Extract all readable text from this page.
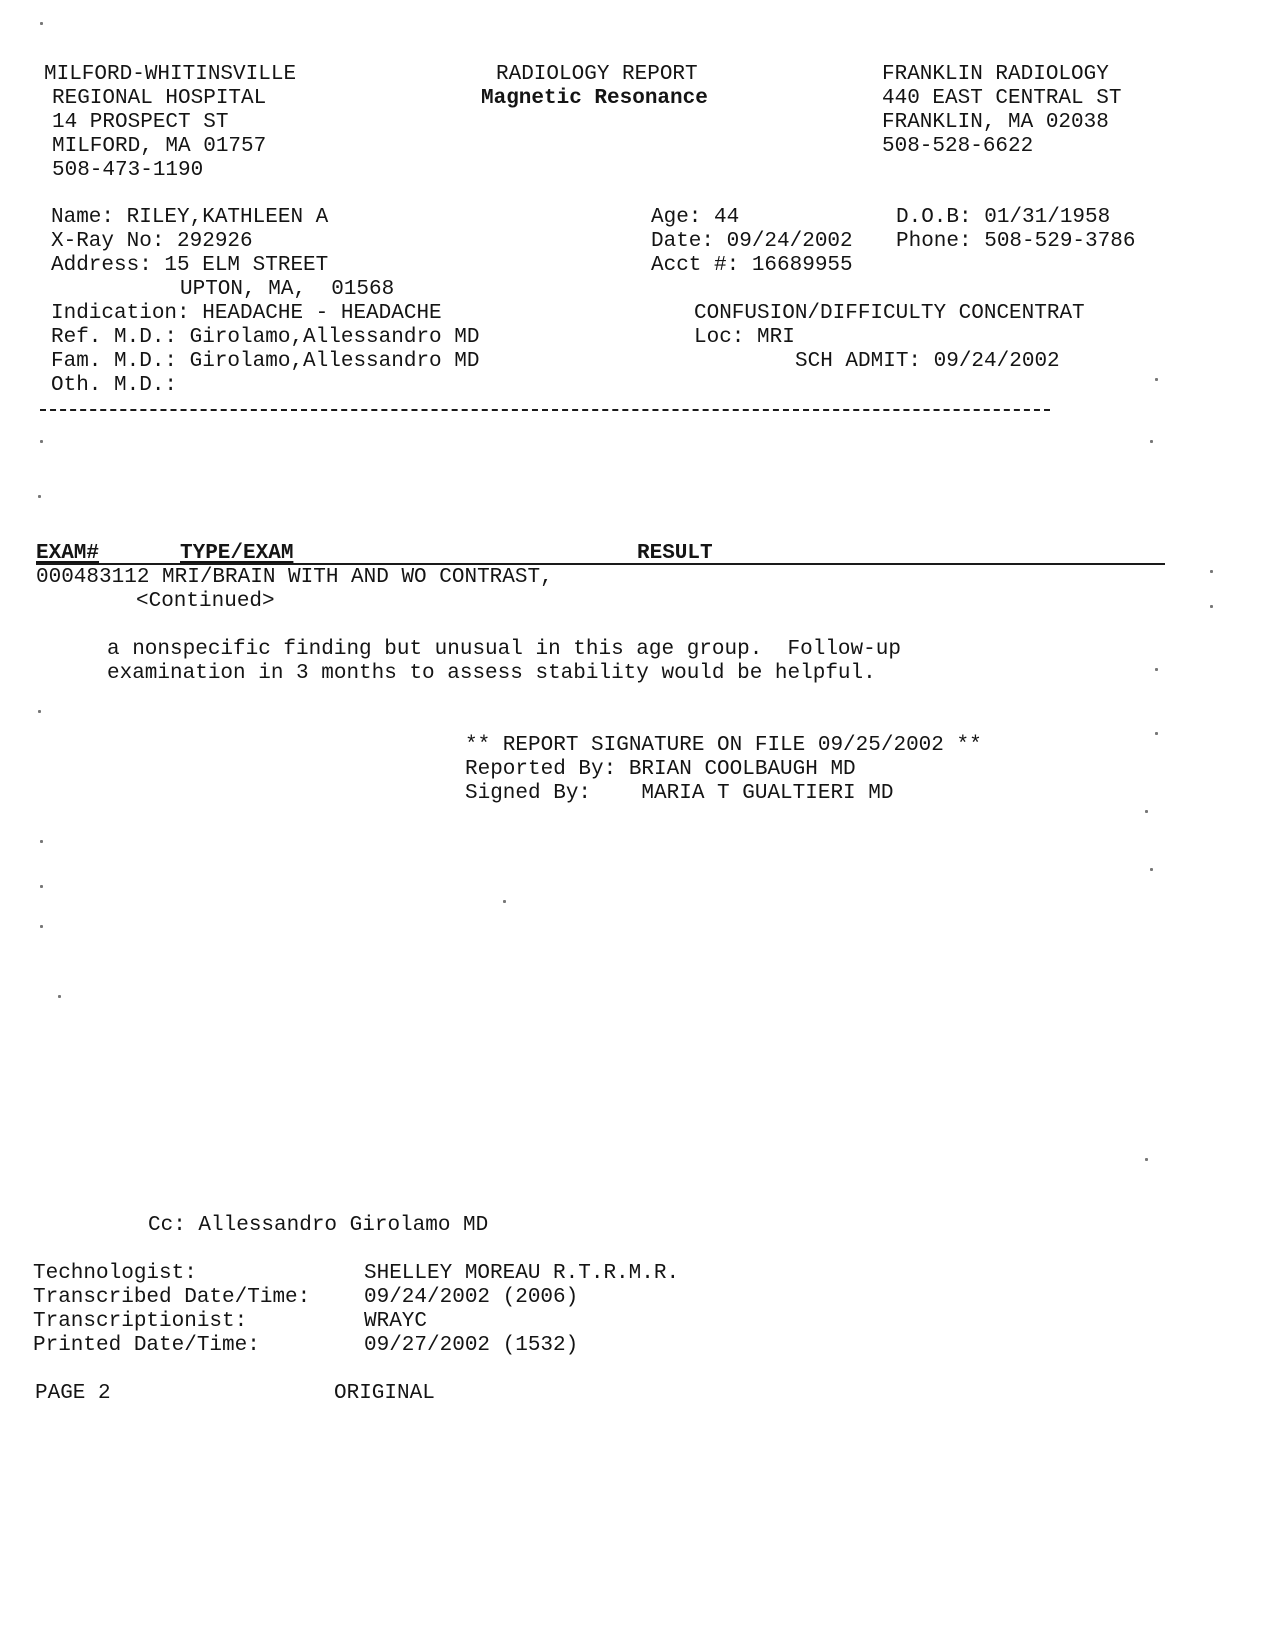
MILFORD-WHITINSVILLE

REGIONAL HOSPITAL

14 PROSPECT ST

MILFORD, MA 01757

508-473-1190

RADIOLOGY REPORT

Magnetic Resonance

FRANKLIN RADIOLOGY

440 EAST CENTRAL ST

FRANKLIN, MA 02038

508-528-6622

Name: RILEY,KATHLEEN A

X-Ray No: 292926

Address: 15 ELM STREET

UPTON, MA,  01568

Indication: HEADACHE - HEADACHE

Ref. M.D.: Girolamo,Allessandro MD

Fam. M.D.: Girolamo,Allessandro MD

Oth. M.D.:

Age: 44	D.O.B: 01/31/1958

Date: 09/24/2002 Phone: 508-529-3786

Acct #: 16689955

CONFUSION/DIFFICULTY CONCENTRAT

Loc: MRI

SCH ADMIT: 09/24/2002

EXAM#	TYPE/EXAM	RESULT

000483112 MRI/BRAIN WITH AND WO CONTRAST,

<Continued>

a nonspecific finding but unusual in this age group.  Follow-up

examination in 3 months to assess stability would be helpful.

** REPORT SIGNATURE ON FILE 09/25/2002 **

Reported By: BRIAN COOLBAUGH MD

Signed By:    MARIA T GUALTIERI MD

Cc: Allessandro Girolamo MD

Technologist:	SHELLEY MOREAU R.T.R.M.R.

Transcribed Date/Time:	09/24/2002 (2006)

Transcriptionist:	WRAYC

Printed Date/Time:	09/27/2002 (1532)

PAGE 2	ORIGINAL
